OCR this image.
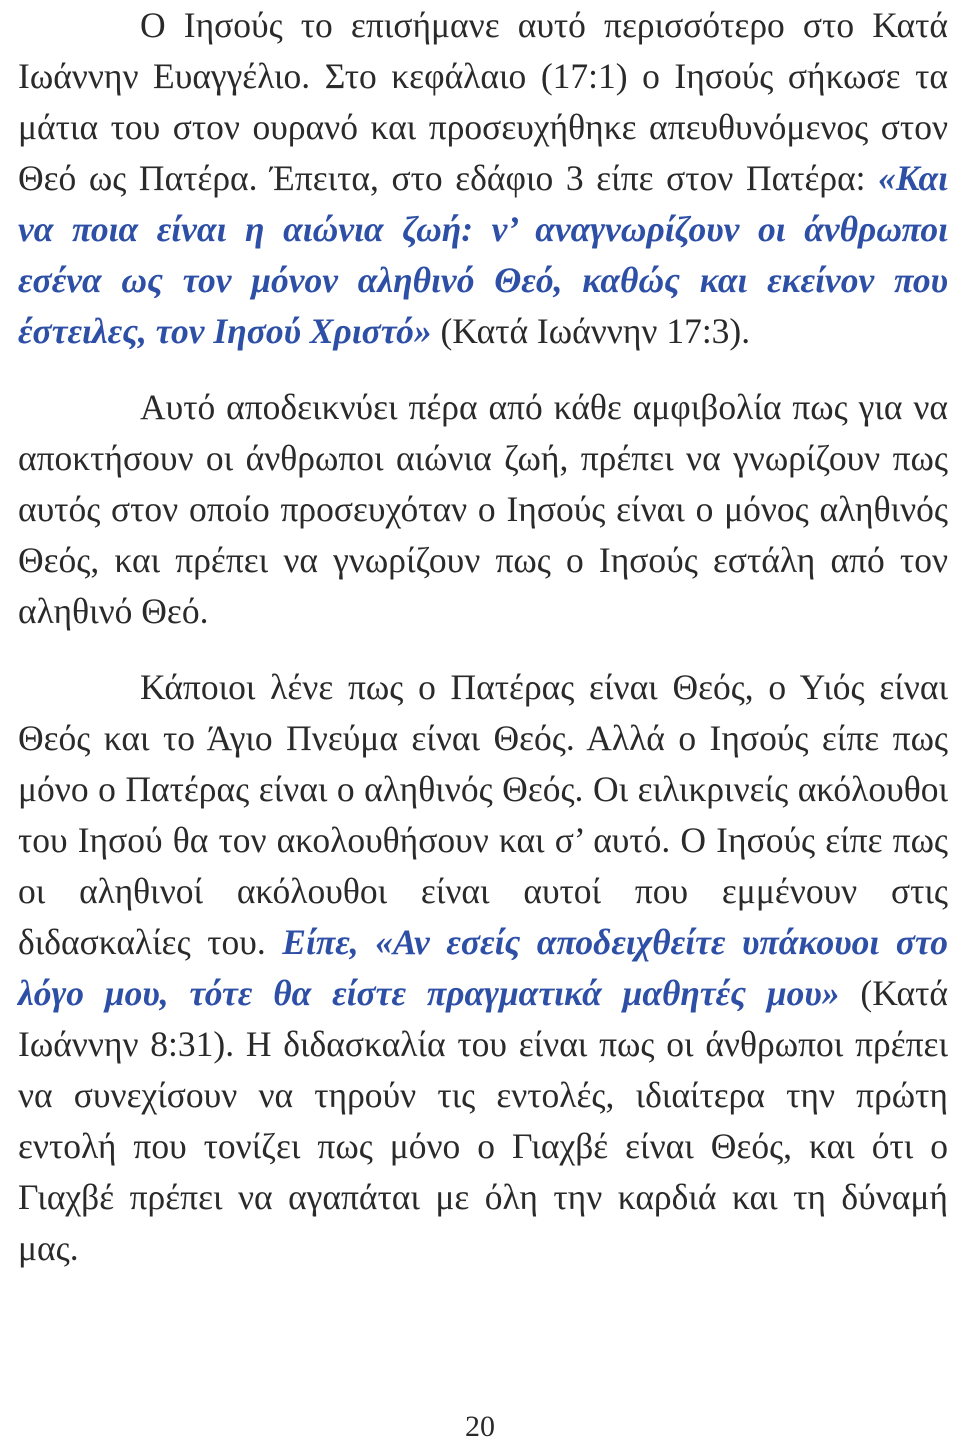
Ο Ιησούς το επισήμανε αυτό περισσότερο στο Κατά Ιωάννην Ευαγγέλιο. Στο κεφάλαιο (17:1) ο Ιησούς σήκωσε τα μάτια του στον ουρανό και προσευχήθηκε απευθυνόμενος στον Θεό ως Πατέρα. Έπειτα, στο εδάφιο 3 είπε στον Πατέρα: «Και να ποια είναι η αιώνια ζωή: ν’ αναγνωρίζουν οι άνθρωποι εσένα ως τον μόνον αληθινό Θεό, καθώς και εκείνον που έστειλες, τον Ιησού Χριστό» (Κατά Ιωάννην 17:3).

Αυτό αποδεικνύει πέρα από κάθε αμφιβολία πως για να αποκτήσουν οι άνθρωποι αιώνια ζωή, πρέπει να γνωρίζουν πως αυτός στον οποίο προσευχόταν ο Ιησούς είναι ο μόνος αληθινός Θεός, και πρέπει να γνωρίζουν πως ο Ιησούς εστάλη από τον αληθινό Θεό.

Κάποιοι λένε πως ο Πατέρας είναι Θεός, ο Υιός είναι Θεός και το Άγιο Πνεύμα είναι Θεός. Αλλά ο Ιησούς είπε πως μόνο ο Πατέρας είναι ο αληθινός Θεός. Οι ειλικρινείς ακόλουθοι του Ιησού θα τον ακολουθήσουν και σ’ αυτό. Ο Ιησούς είπε πως οι αληθινοί ακόλουθοι είναι αυτοί που εμμένουν στις διδασκαλίες του. Είπε, «Αν εσείς αποδειχθείτε υπάκουοι στο λόγο μου, τότε θα είστε πραγματικά μαθητές μου» (Κατά Ιωάννην 8:31). Η διδασκαλία του είναι πως οι άνθρωποι πρέπει να συνεχίσουν να τηρούν τις εντολές, ιδιαίτερα την πρώτη εντολή που τονίζει πως μόνο ο Γιαχβέ είναι Θεός, και ότι ο Γιαχβέ πρέπει να αγαπάται με όλη την καρδιά και τη δύναμή μας.

20
